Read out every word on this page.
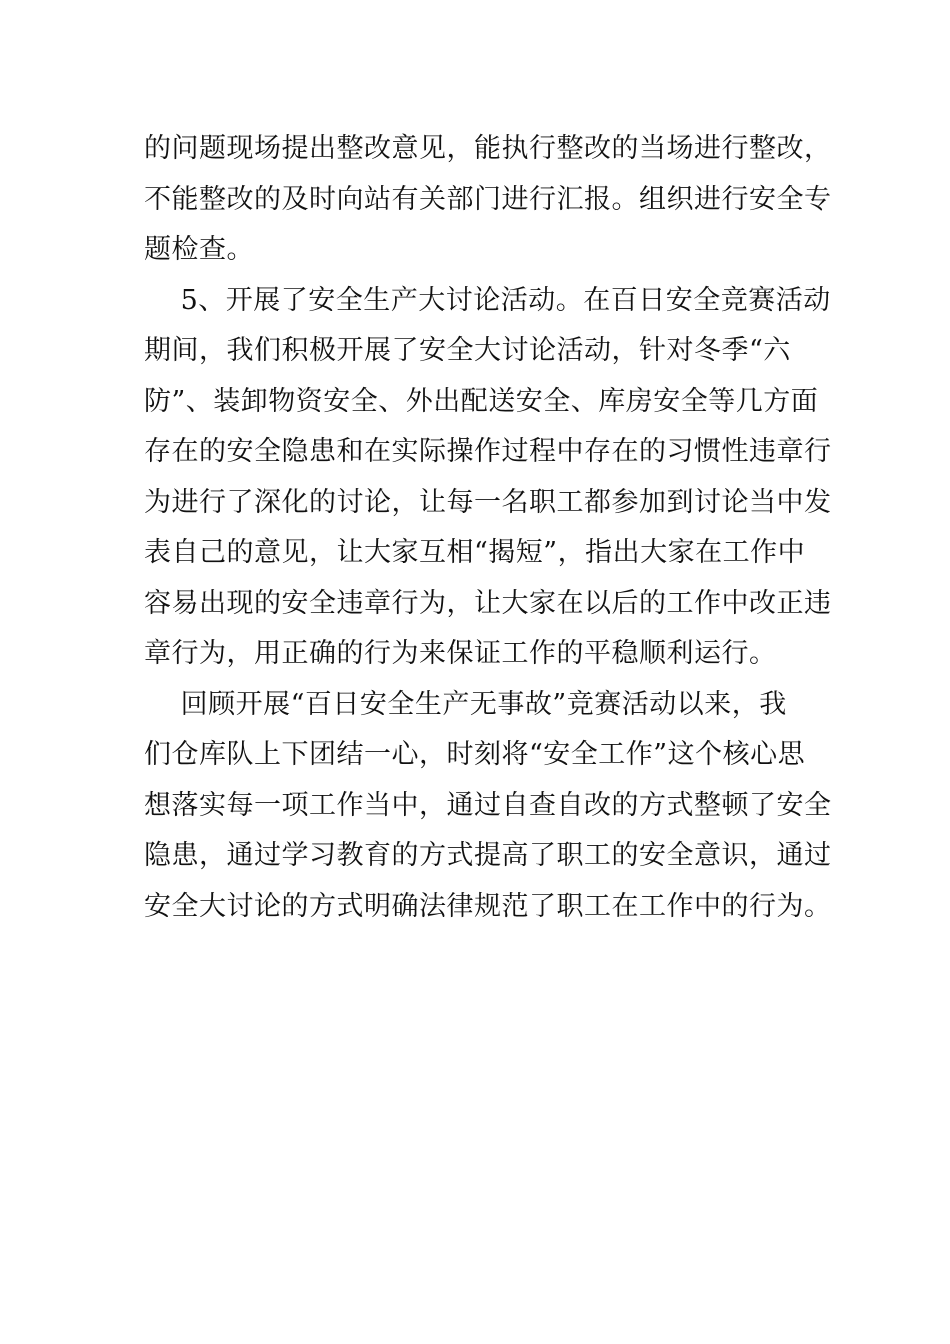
的问题现场提出整改意见，能执行整改的当场进行整改，
不能整改的及时向站有关部门进行汇报。组织进行安全专
题检查。
　 5、开展了安全生产大讨论活动。在百日安全竞赛活动
期间，我们积极开展了安全大讨论活动，针对冬季“六
防”、装卸物资安全、外出配送安全、库房安全等几方面
存在的安全隐患和在实际操作过程中存在的习惯性违章行
为进行了深化的讨论，让每一名职工都参加到讨论当中发
表自己的意见，让大家互相“揭短”，指出大家在工作中
容易出现的安全违章行为，让大家在以后的工作中改正违
章行为，用正确的行为来保证工作的平稳顺利运行。
　 回顾开展“百日安全生产无事故”竞赛活动以来，我
们仓库队上下团结一心，时刻将“安全工作”这个核心思
想落实每一项工作当中，通过自查自改的方式整顿了安全
隐患，通过学习教育的方式提高了职工的安全意识，通过
安全大讨论的方式明确法律规范了职工在工作中的行为。
